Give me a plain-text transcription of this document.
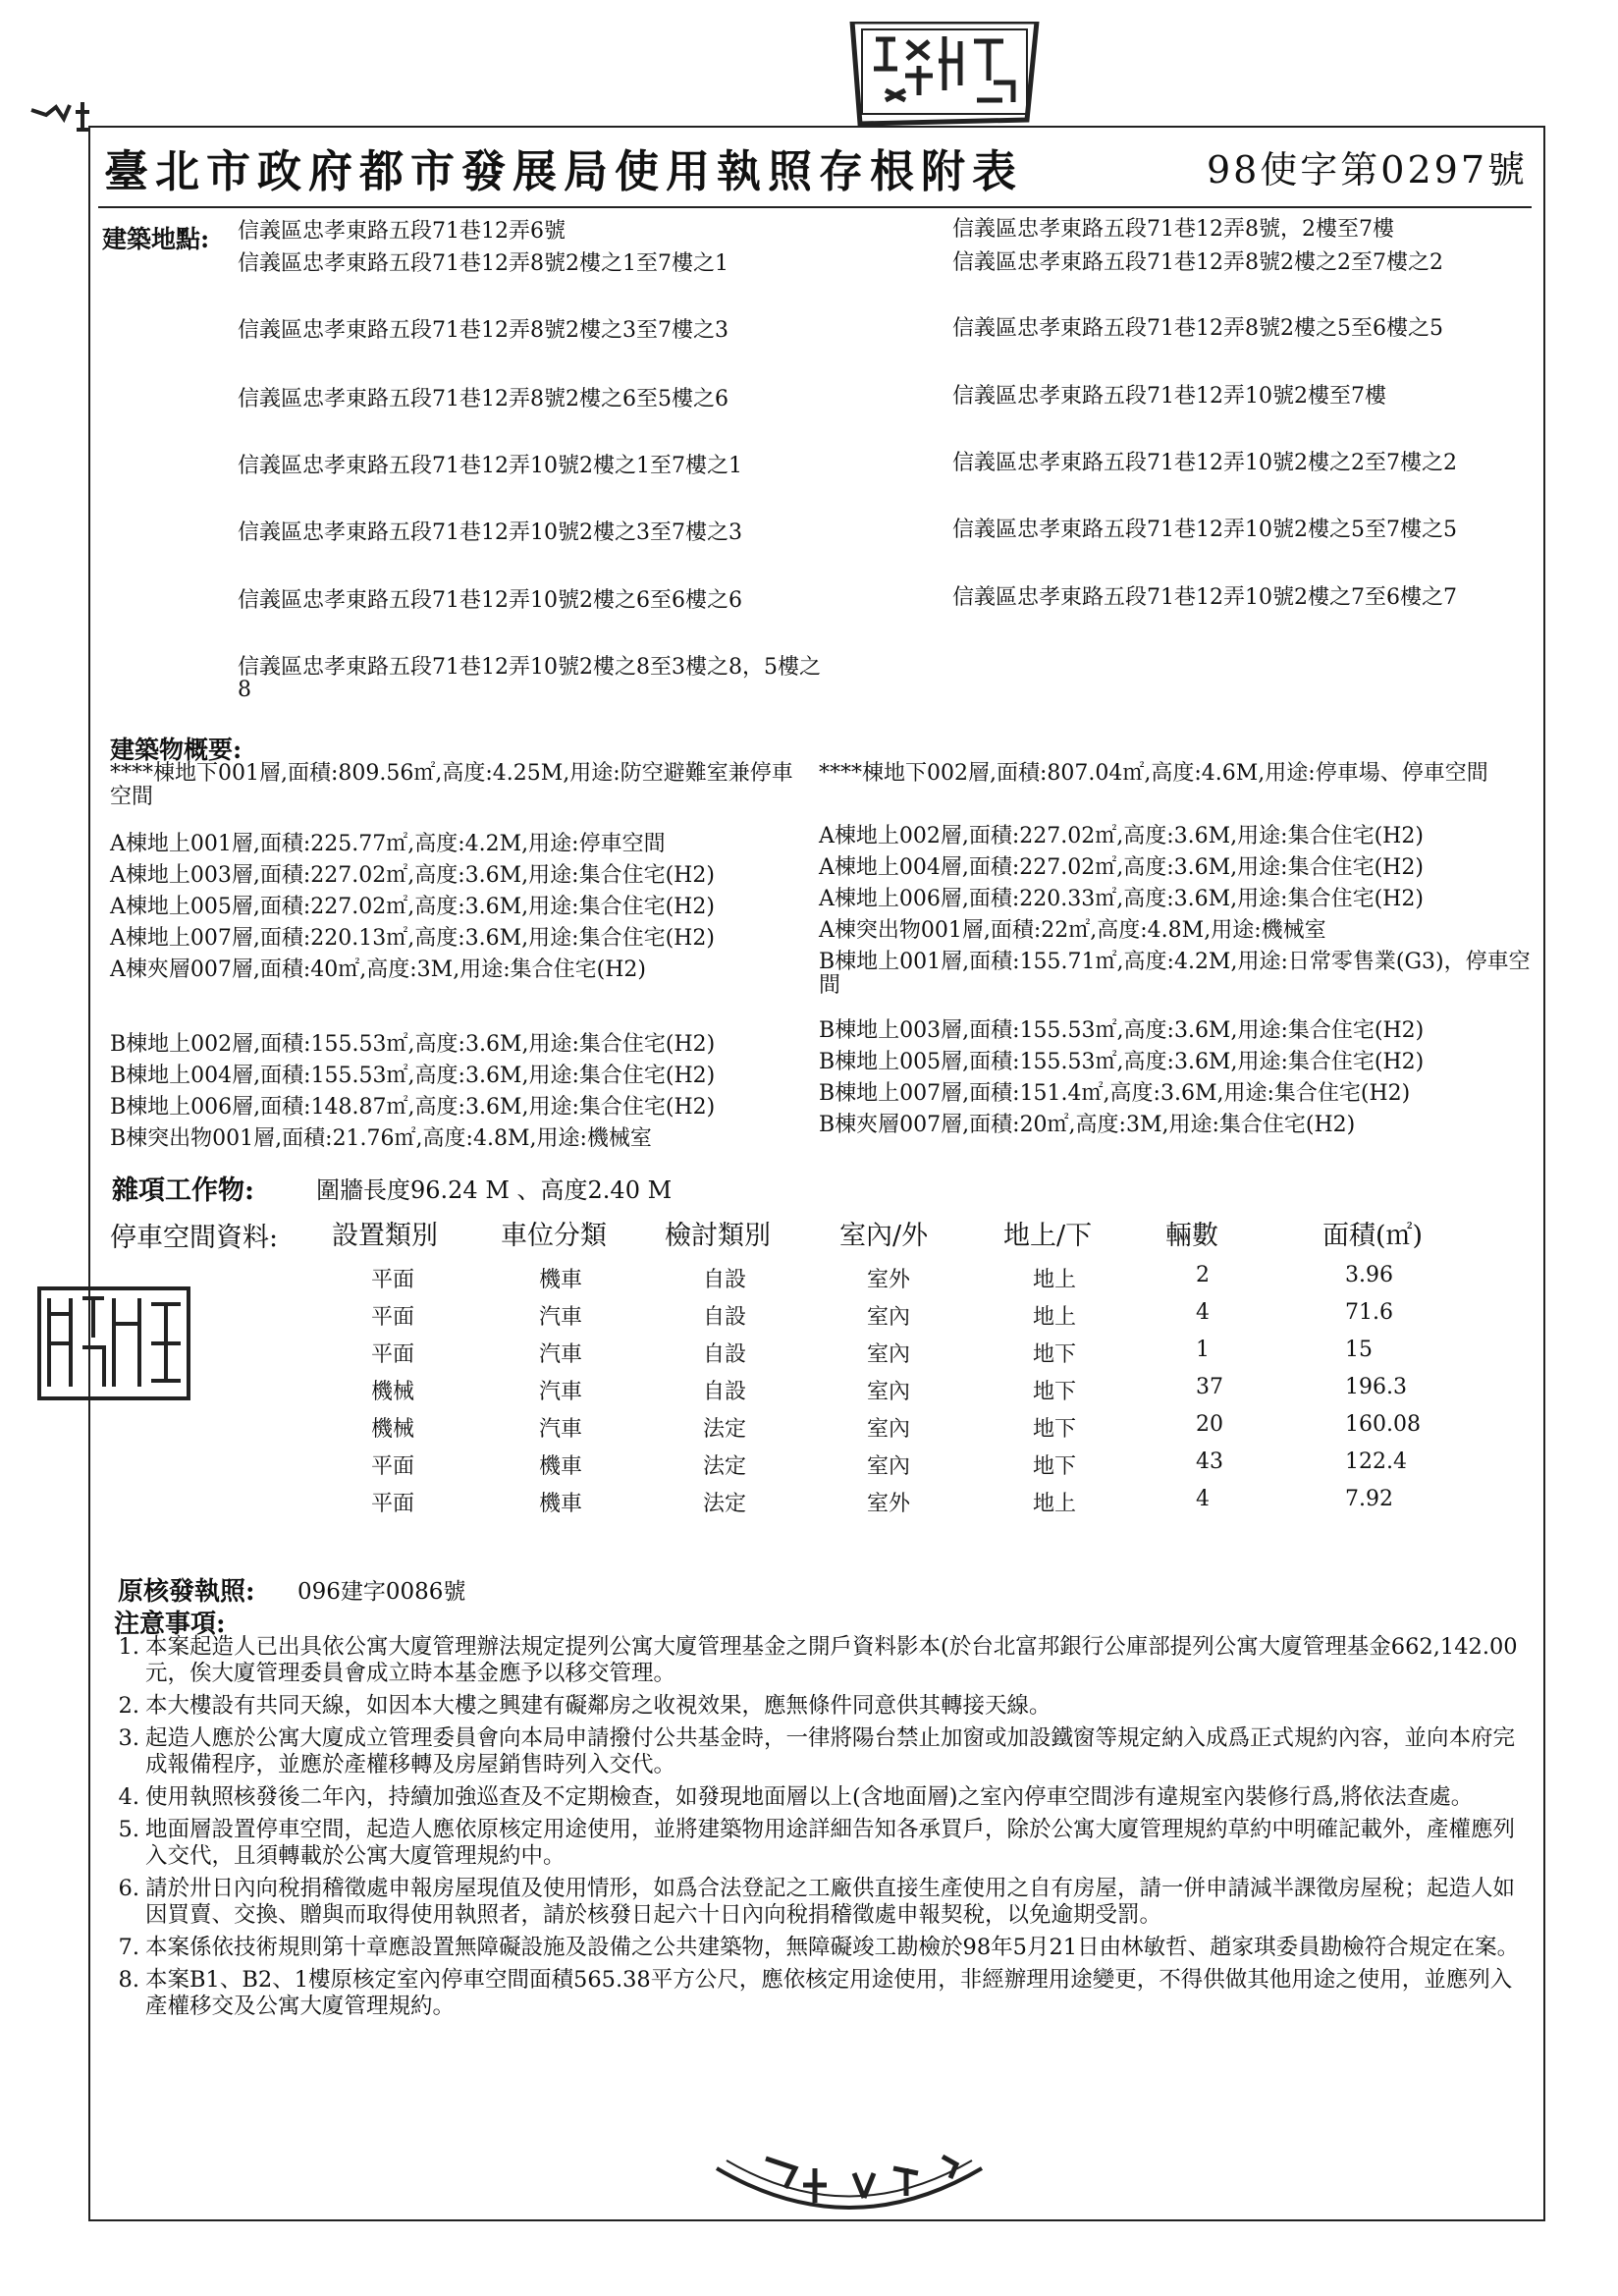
臺北市政府都市發展局使用執照存根附表	98使字第0297號
建築地點: 信義區忠孝東路五段71巷12弄6號
信義區忠孝東路五段71巷12弄8號2樓之1至7樓之1
信義區忠孝東路五段71巷12弄8號2樓之3至7樓之3
信義區忠孝東路五段71巷12弄8號2樓之6至5樓之6
信義區忠孝東路五段71巷12弄10號2樓之1至7樓之1
信義區忠孝東路五段71巷12弄10號2樓之3至7樓之3
信義區忠孝東路五段71巷12弄10號2樓之6至6樓之6
信義區忠孝東路五段71巷12弄10號2樓之8至3樓之8，5樓之8
信義區忠孝東路五段71巷12弄8號，2樓至7樓
信義區忠孝東路五段71巷12弄8號2樓之2至7樓之2
信義區忠孝東路五段71巷12弄8號2樓之5至6樓之5
信義區忠孝東路五段71巷12弄10號2樓至7樓
信義區忠孝東路五段71巷12弄10號2樓之2至7樓之2
信義區忠孝東路五段71巷12弄10號2樓之5至7樓之5
信義區忠孝東路五段71巷12弄10號2樓之7至6樓之7
建築物概要:
****棟地下001層,面積:809.56㎡,高度:4.25M,用途:防空避難室兼停車空間
A棟地上001層,面積:225.77㎡,高度:4.2M,用途:停車空間
A棟地上003層,面積:227.02㎡,高度:3.6M,用途:集合住宅(H2)
A棟地上005層,面積:227.02㎡,高度:3.6M,用途:集合住宅(H2)
A棟地上007層,面積:220.13㎡,高度:3.6M,用途:集合住宅(H2)
A棟夾層007層,面積:40㎡,高度:3M,用途:集合住宅(H2)
B棟地上002層,面積:155.53㎡,高度:3.6M,用途:集合住宅(H2)
B棟地上004層,面積:155.53㎡,高度:3.6M,用途:集合住宅(H2)
B棟地上006層,面積:148.87㎡,高度:3.6M,用途:集合住宅(H2)
B棟突出物001層,面積:21.76㎡,高度:4.8M,用途:機械室
****棟地下002層,面積:807.04㎡,高度:4.6M,用途:停車場、停車空間
A棟地上002層,面積:227.02㎡,高度:3.6M,用途:集合住宅(H2)
A棟地上004層,面積:227.02㎡,高度:3.6M,用途:集合住宅(H2)
A棟地上006層,面積:220.33㎡,高度:3.6M,用途:集合住宅(H2)
A棟突出物001層,面積:22㎡,高度:4.8M,用途:機械室
B棟地上001層,面積:155.71㎡,高度:4.2M,用途:日常零售業(G3)，停車空間
B棟地上003層,面積:155.53㎡,高度:3.6M,用途:集合住宅(H2)
B棟地上005層,面積:155.53㎡,高度:3.6M,用途:集合住宅(H2)
B棟地上007層,面積:151.4㎡,高度:3.6M,用途:集合住宅(H2)
B棟夾層007層,面積:20㎡,高度:3M,用途:集合住宅(H2)
雜項工作物:	圍牆長度96.24 M 、高度2.40 M
停車空間資料: 設置類別 車位分類 檢討類別	室內/外	地上/下	輛數	面積(㎡)
平面	機車	自設	室外	地上	2	3.96
平面	汽車	自設	室內	地上	4	71.6
平面	汽車	自設	室內	地下	1	15
機械	汽車	自設	室內	地下	37	196.3
機械	汽車	法定	室內	地下	20	160.08
平面	機車	法定	室內	地下	43	122.4
平面	機車	法定	室外	地上	4	7.92
原核發執照: 096建字0086號
注意事項:
1. 本案起造人已出具依公寓大廈管理辦法規定提列公寓大廈管理基金之開戶資料影本(於台北富邦銀行公庫部提列公寓大廈管理基金662,142.00元，俟大廈管理委員會成立時本基金應予以移交管理。
2. 本大樓設有共同天線，如因本大樓之興建有礙鄰房之收視效果，應無條件同意供其轉接天線。
3. 起造人應於公寓大廈成立管理委員會向本局申請撥付公共基金時，一律將陽台禁止加窗或加設鐵窗等規定納入成爲正式規約內容，並向本府完成報備程序，並應於產權移轉及房屋銷售時列入交代。
4. 使用執照核發後二年內，持續加強巡查及不定期檢查，如發現地面層以上(含地面層)之室內停車空間涉有違規室內裝修行爲,將依法查處。
5. 地面層設置停車空間，起造人應依原核定用途使用，並將建築物用途詳細告知各承買戶，除於公寓大廈管理規約草約中明確記載外，產權應列入交代，且須轉載於公寓大廈管理規約中。
6. 請於卅日內向稅捐稽徵處申報房屋現值及使用情形，如爲合法登記之工廠供直接生產使用之自有房屋，請一併申請減半課徵房屋稅；起造人如因買賣、交換、贈與而取得使用執照者，請於核發日起六十日內向稅捐稽徵處申報契稅，以免逾期受罰。
7. 本案係依技術規則第十章應設置無障礙設施及設備之公共建築物，無障礙竣工勘檢於98年5月21日由林敏哲、趙家琪委員勘檢符合規定在案。
8. 本案B1、B2、1樓原核定室內停車空間面積565.38平方公尺，應依核定用途使用，非經辦理用途變更，不得供做其他用途之使用，並應列入產權移交及公寓大廈管理規約。
